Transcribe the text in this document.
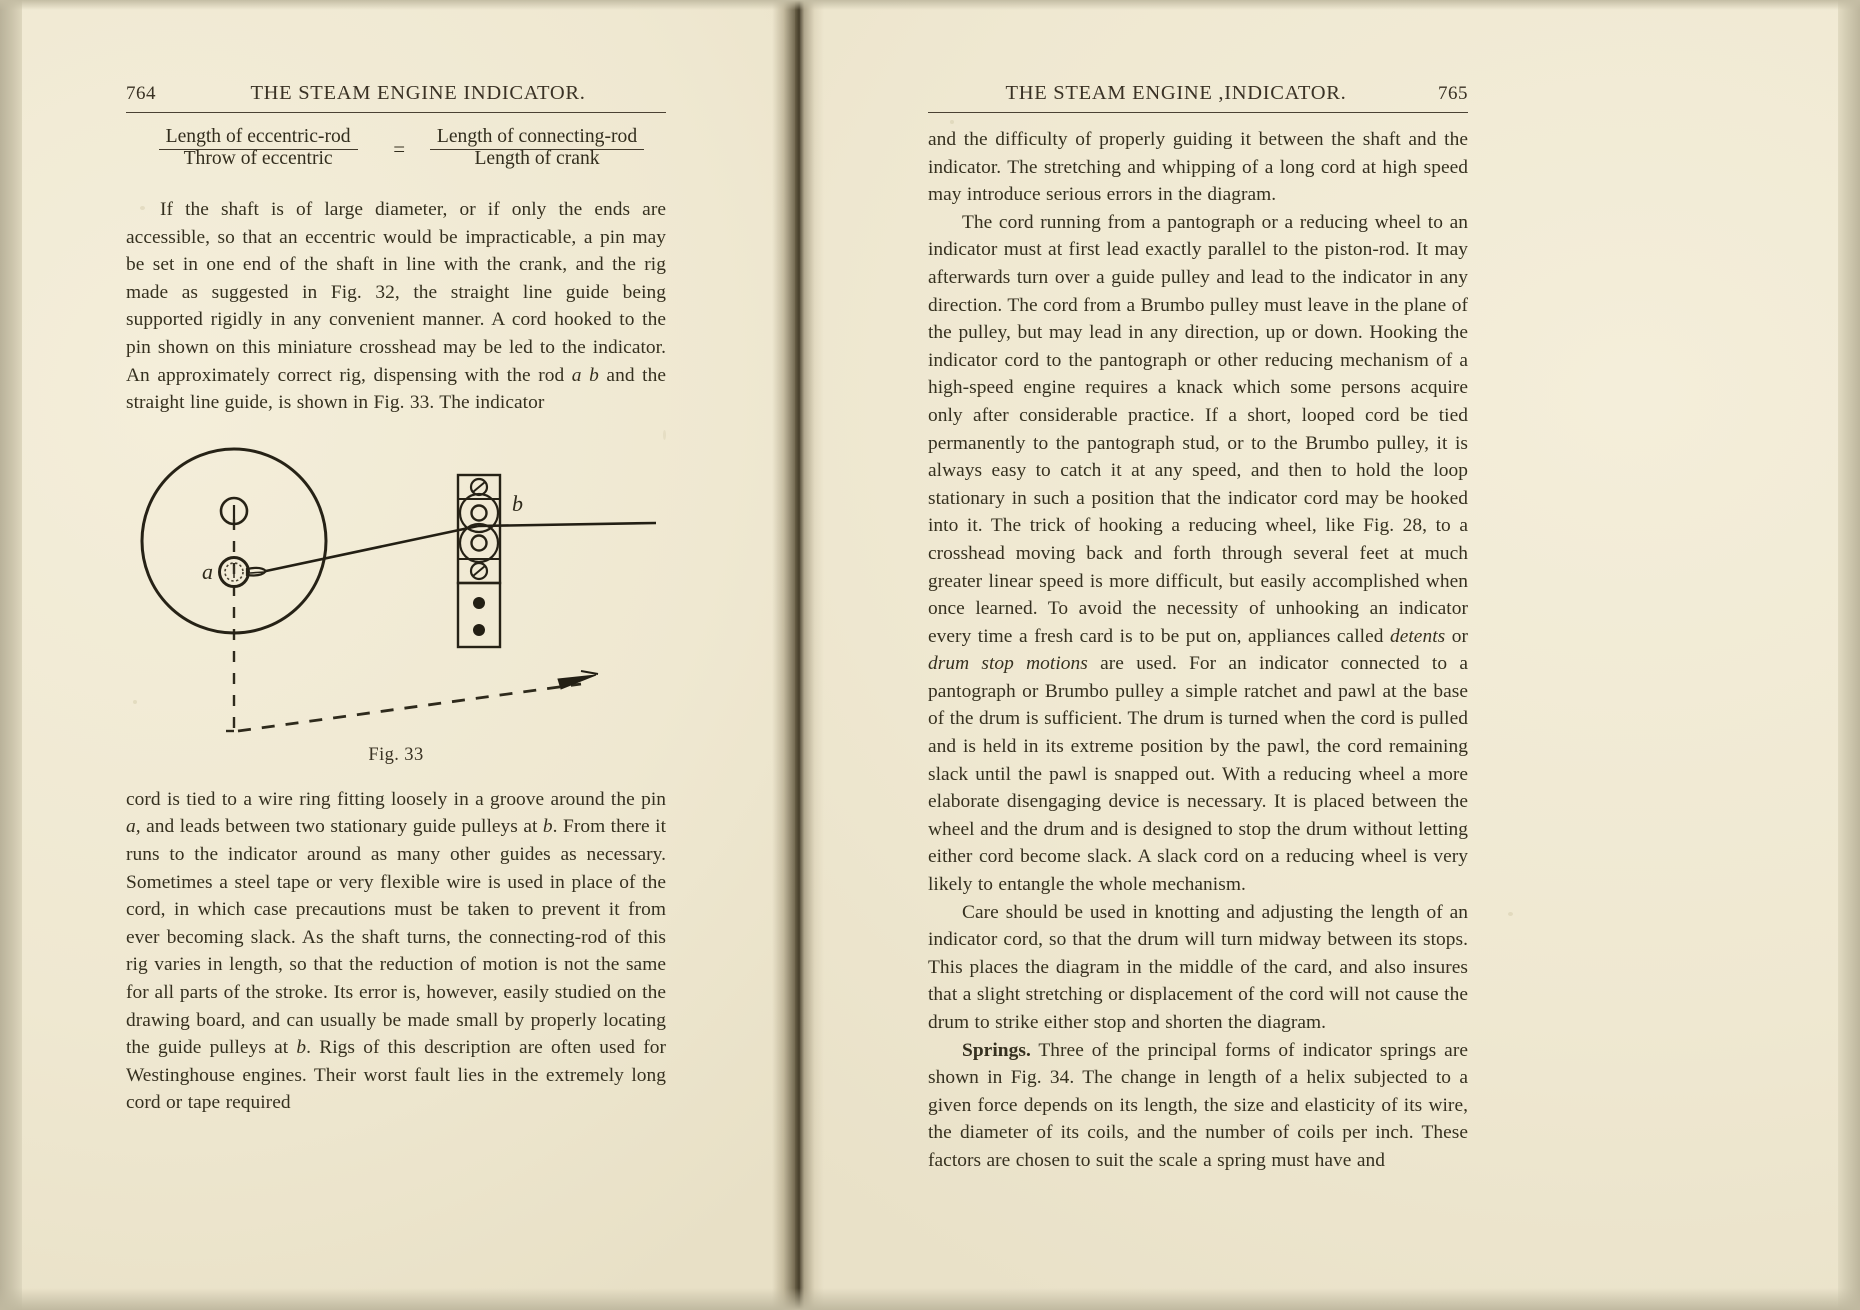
764	THE STEAM ENGINE INDICATOR.
$\frac{\text{Length of eccentric-rod}}{\text{Throw of eccentric}} = \frac{\text{Length of connecting-rod}}{\text{Length of crank}}$

If the shaft is of large diameter, or if only the ends are accessible, so that an eccentric would be impracticable, a pin may be set in one end of the shaft in line with the crank, and the rig made as suggested in Fig. 32, the straight line guide being supported rigidly in any convenient manner. A cord hooked to the pin shown on this miniature crosshead may be led to the indicator. An approximately correct rig, dispensing with the rod a b and the straight line guide, is shown in Fig. 33. The indicator

a
b
Fig. 33

cord is tied to a wire ring fitting loosely in a groove around the pin a, and leads between two stationary guide pulleys at b. From there it runs to the indicator around as many other guides as necessary. Sometimes a steel tape or very flexible wire is used in place of the cord, in which case precautions must be taken to prevent it from ever becoming slack. As the shaft turns, the connecting-rod of this rig varies in length, so that the reduction of motion is not the same for all parts of the stroke. Its error is, however, easily studied on the drawing board, and can usually be made small by properly locating the guide pulleys at b. Rigs of this description are often used for Westinghouse engines. Their worst fault lies in the extremely long cord or tape required

THE STEAM ENGINE ,INDICATOR.	765

and the difficulty of properly guiding it between the shaft and the indicator. The stretching and whipping of a long cord at high speed may introduce serious errors in the diagram.

The cord running from a pantograph or a reducing wheel to an indicator must at first lead exactly parallel to the piston-rod. It may afterwards turn over a guide pulley and lead to the indicator in any direction. The cord from a Brumbo pulley must leave in the plane of the pulley, but may lead in any direction, up or down. Hooking the indicator cord to the pantograph or other reducing mechanism of a high-speed engine requires a knack which some persons acquire only after considerable practice. If a short, looped cord be tied permanently to the pantograph stud, or to the Brumbo pulley, it is always easy to catch it at any speed, and then to hold the loop stationary in such a position that the indicator cord may be hooked into it. The trick of hooking a reducing wheel, like Fig. 28, to a crosshead moving back and forth through several feet at much greater linear speed is more difficult, but easily accomplished when once learned. To avoid the necessity of unhooking an indicator every time a fresh card is to be put on, appliances called detents or drum stop motions are used. For an indicator connected to a pantograph or Brumbo pulley a simple ratchet and pawl at the base of the drum is sufficient. The drum is turned when the cord is pulled and is held in its extreme position by the pawl, the cord remaining slack until the pawl is snapped out. With a reducing wheel a more elaborate disengaging device is necessary. It is placed between the wheel and the drum and is designed to stop the drum without letting either cord become slack. A slack cord on a reducing wheel is very likely to entangle the whole mechanism.

Care should be used in knotting and adjusting the length of an indicator cord, so that the drum will turn midway between its stops. This places the diagram in the middle of the card, and also insures that a slight stretching or displacement of the cord will not cause the drum to strike either stop and shorten the diagram.

Springs. Three of the principal forms of indicator springs are shown in Fig. 34. The change in length of a helix subjected to a given force depends on its length, the size and elasticity of its wire, the diameter of its coils, and the number of coils per inch. These factors are chosen to suit the scale a spring must have and
